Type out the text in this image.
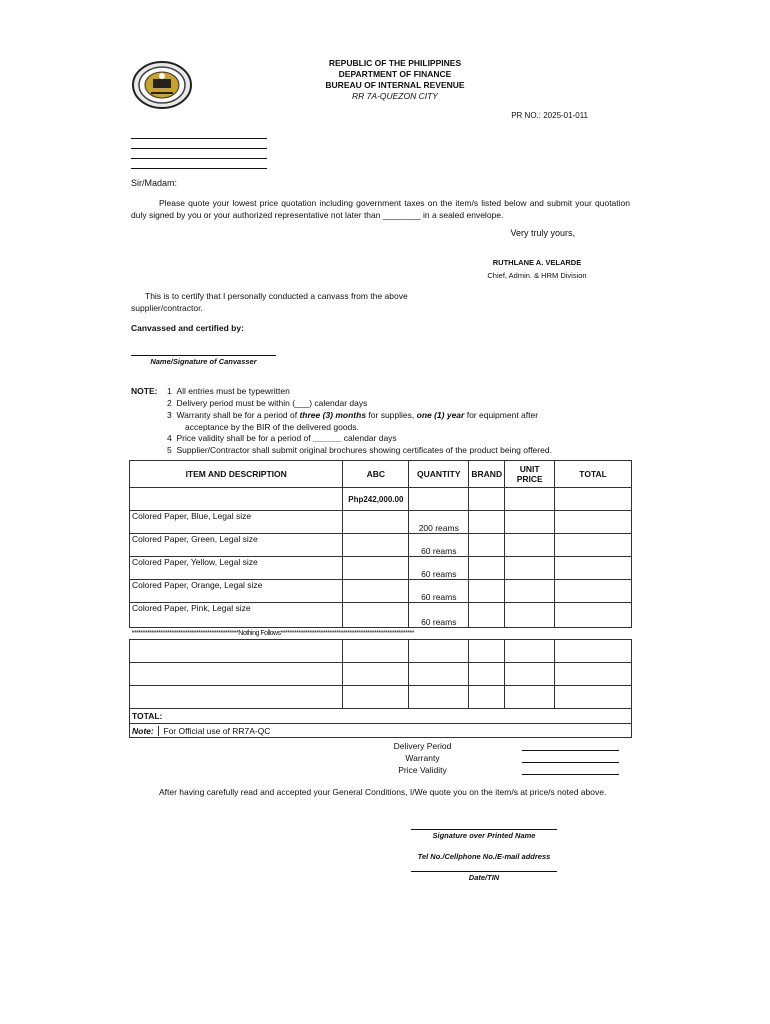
REPUBLIC OF THE PHILIPPINES
DEPARTMENT OF FINANCE
BUREAU OF INTERNAL REVENUE
RR 7A-QUEZON CITY
PR NO.: 2025-01-011
Sir/Madam:
Please quote your lowest price quotation including government taxes on the item/s listed below and submit your quotation duly signed by you or your authorized representative not later than ________ in a sealed envelope.
Very truly yours,
RUTHLANE A. VELARDE
Chief, Admin. & HRM Division
This is to certify that I personally conducted a canvass from the above supplier/contractor.
Canvassed and certified by:
Name/Signature of Canvasser
NOTE: 1 All entries must be typewritten
2 Delivery period must be within (___) calendar days
3 Warranty shall be for a period of three (3) months for supplies, one (1) year for equipment after
acceptance by the BIR of the delivered goods.
4 Price validity shall be for a period of ______ calendar days
5 Supplier/Contractor shall submit original brochures showing certificates of the product being offered.
ITEM AND DESCRIPTION	ABC	QUANTITY	BRAND	UNIT PRICE	TOTAL
	Php242,000.00				
Colored Paper, Blue, Legal size		200 reams			
Colored Paper, Green, Legal size		60 reams			
Colored Paper, Yellow, Legal size		60 reams			
Colored Paper, Orange, Legal size		60 reams			
Colored Paper, Pink, Legal size		60 reams			
************************************************Nothing Follows************************************************************					

TOTAL:					
Note: For Official use of RR7A-QC					
Delivery Period
Warranty
Price Validity
After having carefully read and accepted your General Conditions, I/We quote you on the item/s at price/s noted above.
Signature over Printed Name
Tel No./Cellphone No./E-mail address
Date/TIN
